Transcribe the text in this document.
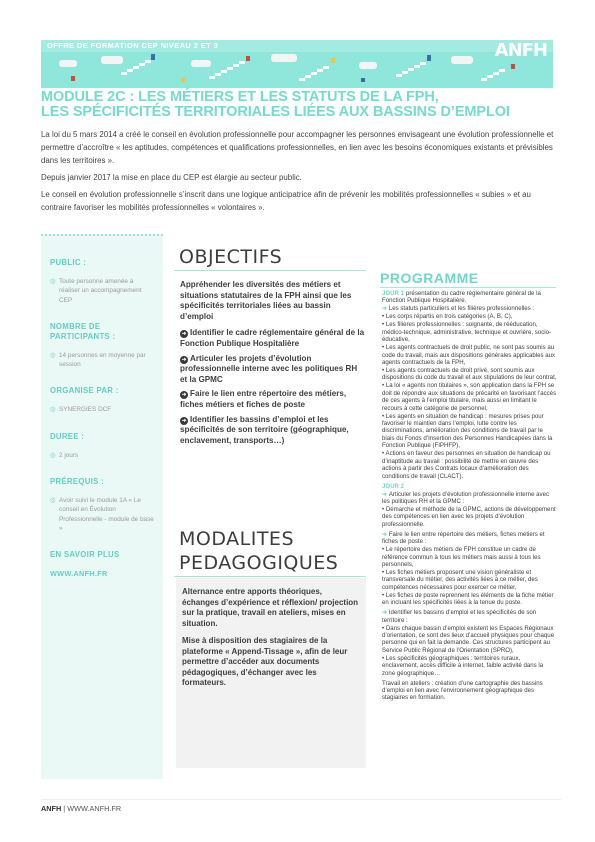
OFFRE DE FORMATION CEP NIVEAU 2 ET 3	ANFH
MODULE 2C : LES MÉTIERS ET LES STATUTS DE LA FPH,
LES SPÉCIFICITÉS TERRITORIALES LIÉES AUX BASSINS D’EMPLOI

La loi du 5 mars 2014 a créé le conseil en évolution professionnelle pour accompagner les personnes envisageant une évolution professionnelle et permettre d’accroître « les aptitudes, compétences et qualifications professionnelles, en lien avec les besoins économiques existants et prévisibles dans les territoires ».

Depuis janvier 2017 la mise en place du CEP est élargie au secteur public.

Le conseil en évolution professionnelle s’inscrit dans une logique anticipatrice afin de prévenir les mobilités professionnelles « subies » et au contraire favoriser les mobilités professionnelles « volontaires ».

PUBLIC :
◎ Toute personne amenée à réaliser un accompagnement CEP
NOMBRE DE
PARTICIPANTS :
◎ 14 personnes en moyenne par session
ORGANISE PAR :
◎ SYNERGIES DCF
DUREE :
◎ 2 jours
PRÉREQUIS :
◎ Avoir suivi le module 1A « Le conseil en Évolution Professionnelle - module de base »
EN SAVOIR PLUS
WWW.ANFH.FR
OBJECTIFS

Appréhender les diversités des métiers et situations statutaires de la FPH ainsi que les spécificités territoriales liées au bassin d’emploi

➜ Identifier le cadre réglementaire général de la Fonction Publique Hospitalière

➜ Articuler les projets d’évolution professionnelle interne avec les politiques RH et la GPMC

➜ Faire le lien entre répertoire des métiers, fiches métiers et fiches de poste

➜ Identifier les bassins d’emploi et les spécificités de son territoire (géographique, enclavement, transports…)

MODALITES
PEDAGOGIQUES

Alternance entre apports théoriques, échanges d’expérience et réflexion/ projection sur la pratique, travail en ateliers, mises en situation.

Mise à disposition des stagiaires de la plateforme « Append-Tissage », afin de leur permettre d’accéder aux documents pédagogiques, d’échanger avec les formateurs.

PROGRAMME

JOUR 1 présentation du cadre réglementaire général de la Fonction Publique Hospitalière.

➜ Les statuts particuliers et les filières professionnelles :

• Les corps répartis en trois catégories (A, B, C),

• Les filières professionnelles : soignante, de rééducation, médico-technique, administrative, technique et ouvrière, socio-éducative,

• Les agents contractuels de droit public, ne sont pas soumis au code du travail, mais aux dispositions générales applicables aux agents contractuels de la FPH,

• Les agents contractuels de droit privé, sont soumis aux dispositions du code du travail et aux stipulations de leur contrat,

• La loi « agents non titulaires », son application dans la FPH se doit de répondre aux situations de précarité en favorisant l’accès de ces agents à l’emploi titulaire, mais aussi en limitant le recours à cette catégorie de personnel,

• Les agents en situation de handicap : mesures prises pour favoriser le maintien dans l’emploi, lutte contre les discriminations, amélioration des conditions de travail par le biais du Fonds d’Insertion des Personnes Handicapées dans la Fonction Publique (FIPHFP),

• Actions en faveur des personnes en situation de handicap ou d’inaptitude au travail : possibilité de mettre en œuvre des actions à partir des Contrats locaux d’amélioration des conditions de travail (CLACT).

JOUR 2

➜ Articuler les projets d’évolution professionnelle interne avec les politiques RH et la GPMC :

• Démarche et méthode de la GPMC, actions de développement des compétences en lien avec les projets d’évolution professionnelle.

➜ Faire le lien entre répertoire des métiers, fiches métiers et fiches de poste :

• Le répertoire des métiers de FPH constitue un cadre de référence commun à tous les métiers mais aussi à tous les personnels,

• Les fiches métiers proposent une vision généraliste et transversale du métier, des activités liées à ce métier, des compétences nécessaires pour exercer ce métier,

• Les fiches de poste reprennent les éléments de la fiche métier en incluant les spécificités liées à la tenue du poste.

➜ Identifier les bassins d’emploi et les spécificités de son territoire :

• Dans chaque bassin d’emploi existent les Espaces Régionaux d’orientation, ce sont des lieux d’accueil physiques pour chaque personne qui en fait la demande. Ces structures participent au Service Public Régional de l’Orientation (SPRO),

• Les spécificités géographiques : territoires ruraux, enclavement, accès difficile à internet, faible activité dans la zone géographique…

Travail en ateliers : création d’une cartographie des bassins d’emploi en lien avec l’environnement géographique des stagiaires en formation.

ANFH | WWW.ANFH.FR
